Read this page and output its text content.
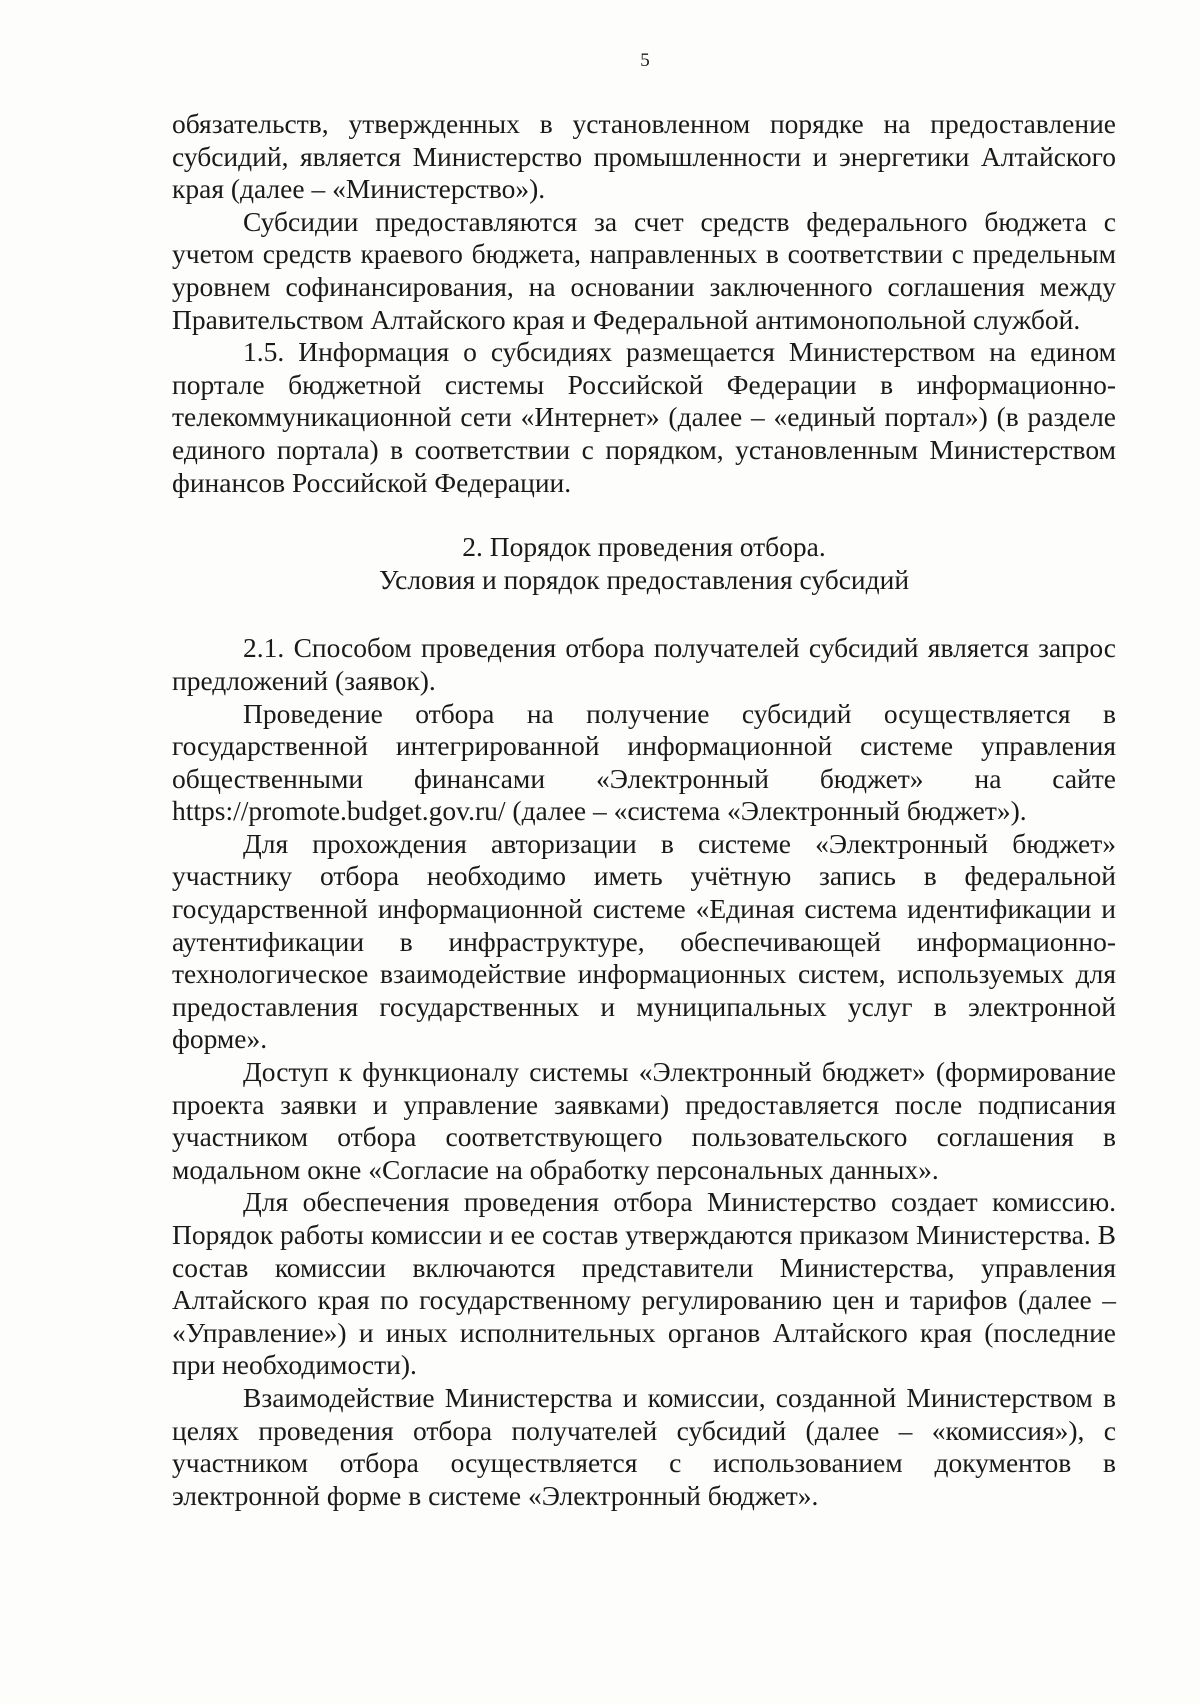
5

обязательств, утвержденных в установленном порядке на предоставление субсидий, является Министерство промышленности и энергетики Алтайского края (далее – «Министерство»).

Субсидии предоставляются за счет средств федерального бюджета с учетом средств краевого бюджета, направленных в соответствии с предельным уровнем софинансирования, на основании заключенного соглашения между Правительством Алтайского края и Федеральной антимонопольной службой.

1.5. Информация о субсидиях размещается Министерством на едином портале бюджетной системы Российской Федерации в информационно-телекоммуникационной сети «Интернет» (далее – «единый портал») (в разделе единого портала) в соответствии с порядком, установленным Министерством финансов Российской Федерации.

2. Порядок проведения отбора.
Условия и порядок предоставления субсидий

2.1. Способом проведения отбора получателей субсидий является запрос предложений (заявок).

Проведение отбора на получение субсидий осуществляется в государственной интегрированной информационной системе управления общественными финансами «Электронный бюджет» на сайте https://promote.budget.gov.ru/ (далее – «система «Электронный бюджет»).

Для прохождения авторизации в системе «Электронный бюджет» участнику отбора необходимо иметь учётную запись в федеральной государственной информационной системе «Единая система идентификации и аутентификации в инфраструктуре, обеспечивающей информационно-технологическое взаимодействие информационных систем, используемых для предоставления государственных и муниципальных услуг в электронной форме».

Доступ к функционалу системы «Электронный бюджет» (формирование проекта заявки и управление заявками) предоставляется после подписания участником отбора соответствующего пользовательского соглашения в модальном окне «Согласие на обработку персональных данных».

Для обеспечения проведения отбора Министерство создает комиссию. Порядок работы комиссии и ее состав утверждаются приказом Министерства. В состав комиссии включаются представители Министерства, управления Алтайского края по государственному регулированию цен и тарифов (далее – «Управление») и иных исполнительных органов Алтайского края (последние при необходимости).

Взаимодействие Министерства и комиссии, созданной Министерством в целях проведения отбора получателей субсидий (далее – «комиссия»), с участником отбора осуществляется с использованием документов в электронной форме в системе «Электронный бюджет».
